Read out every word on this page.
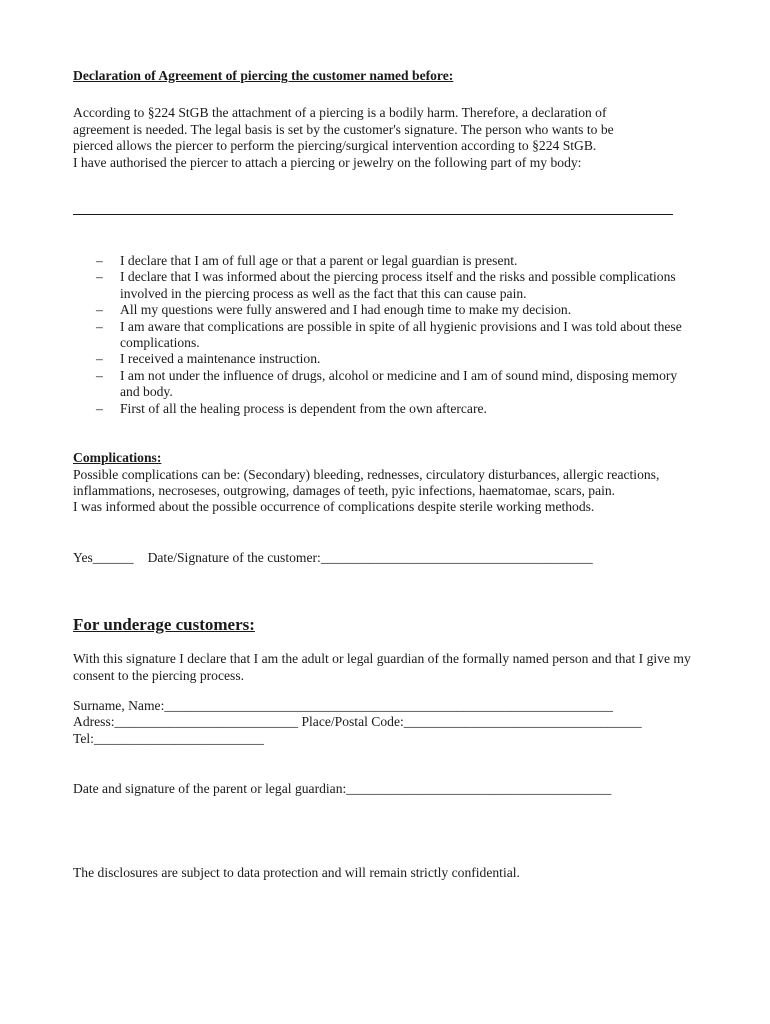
Declaration of Agreement of piercing the customer named before:

According to §224 StGB the attachment of a piercing is a bodily harm. Therefore, a declaration of
agreement is needed. The legal basis is set by the customer's signature. The person who wants to be
pierced allows the piercer to perform the piercing/surgical intervention according to §224 StGB.
I have authorised the piercer to attach a piercing or jewelry on the following part of my body:

– I declare that I am of full age or that a parent or legal guardian is present.
– I declare that I was informed about the piercing process itself and the risks and possible complications involved in the piercing process as well as the fact that this can cause pain.
– All my questions were fully answered and I had enough time to make my decision.
– I am aware that complications are possible in spite of all hygienic provisions and I was told about these complications.
– I received a maintenance instruction.
– I am not under the influence of drugs, alcohol or medicine and I am of sound mind, disposing memory and body.
– First of all the healing process is dependent from the own aftercare.

Complications:

Possible complications can be: (Secondary) bleeding, rednesses, circulatory disturbances, allergic reactions, inflammations, necroseses, outgrowing, damages of teeth, pyic infections, haematomae, scars, pain.

I was informed about the possible occurrence of complications despite sterile working methods.

Yes______ Date/Signature of the customer:________________________________________

For underage customers:

With this signature I declare that I am the adult or legal guardian of the formally named person and that I give my consent to the piercing process.

Surname, Name:__________________________________________________________________

Adress:___________________________ Place/Postal Code:___________________________________

Tel:_________________________

Date and signature of the parent or legal guardian:_______________________________________

The disclosures are subject to data protection and will remain strictly confidential.
